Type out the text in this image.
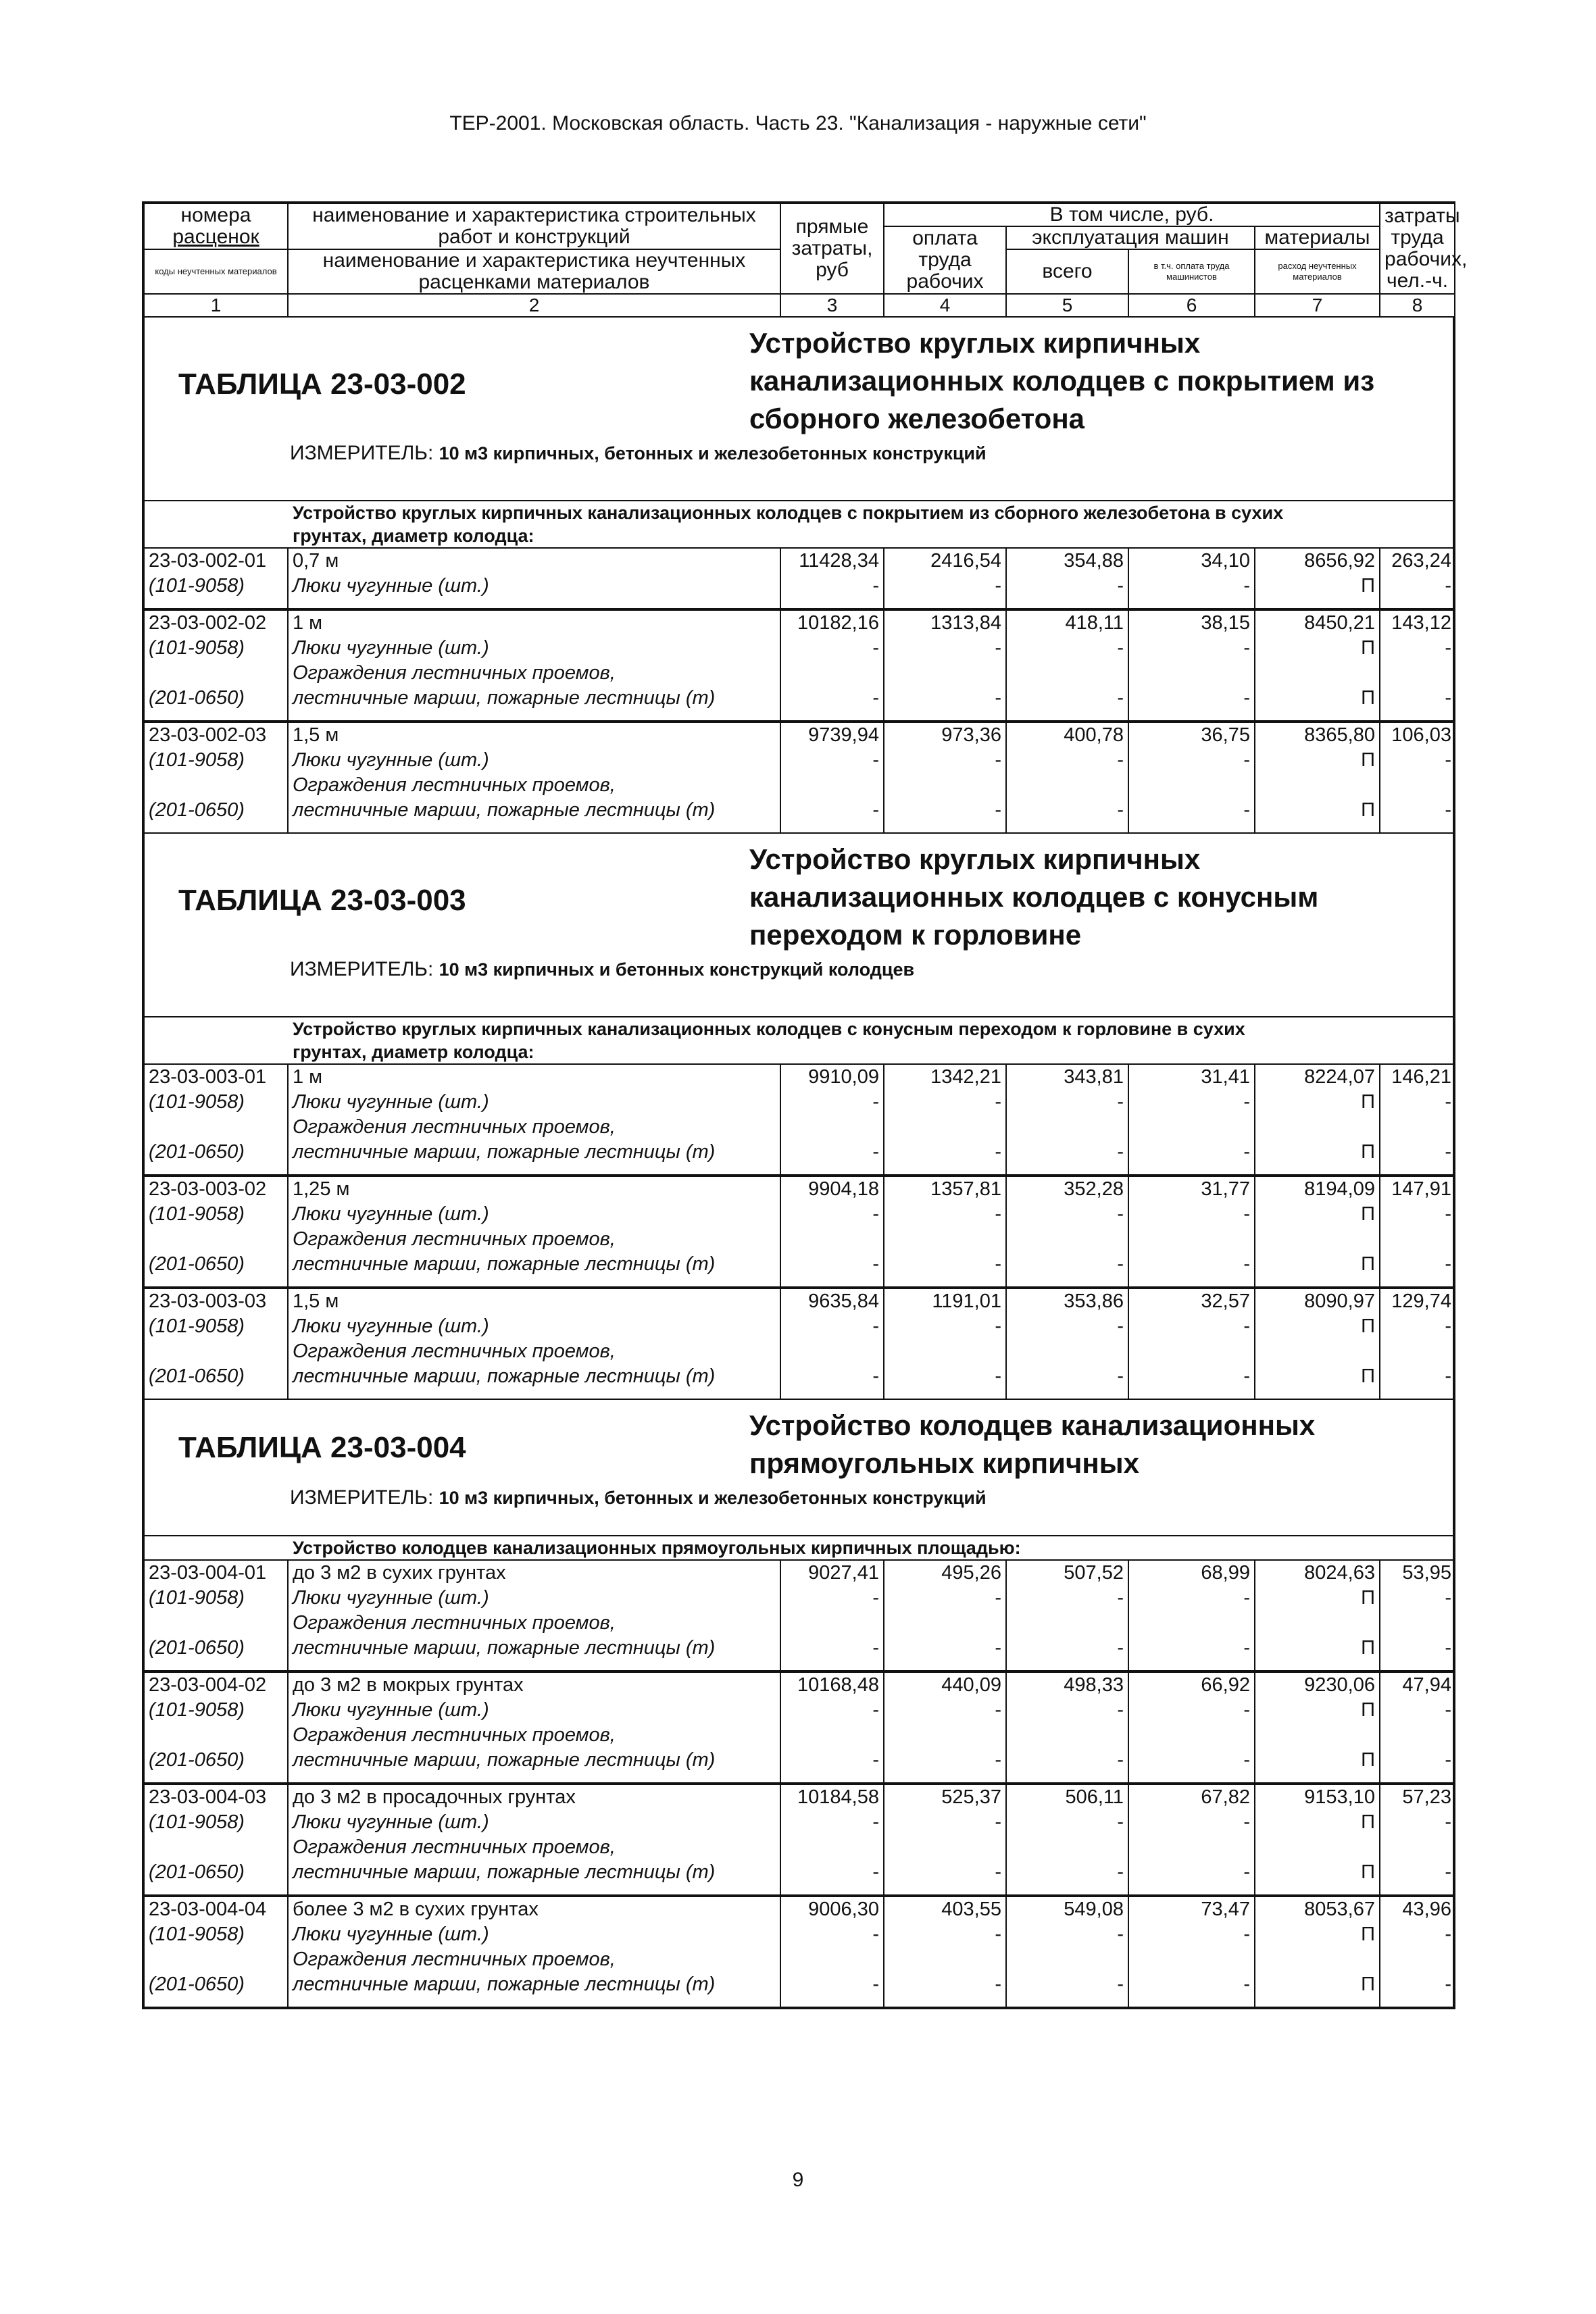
ТЕР-2001. Московская область. Часть 23. "Канализация - наружные сети"
номера
расценок	наименование и характеристика строительных работ и конструкций	прямые затраты, руб	В том числе, руб.				затраты труда рабочих, чел.-ч.
			оплата труда рабочих	эксплуатация машин		материалы	
коды неучтенных материалов	наименование и характеристика неучтенных расценками материалов			всего	в т.ч. оплата труда машинистов	расход неучтенных материалов	

1	2	3	4	5	6	7	8
ТАБЛИЦА 23-03-002
Устройство круглых кирпичных
канализационных колодцев с покрытием из
сборного железобетона
ИЗМЕРИТЕЛЬ: 10 м3 кирпичных, бетонных и железобетонных конструкций
Устройство круглых кирпичных канализационных колодцев с покрытием из сборного железобетона в сухих
грунтах, диаметр колодца:
23-03-002-01	0,7 м	11428,34	2416,54	354,88	34,10	8656,92 263,24
(101-9058)	Люки чугунные (шт.)	-	-	-	-	П	-
23-03-002-02	1 м	10182,16	1313,84	418,11	38,15	8450,21 143,12
(101-9058)	Люки чугунные (шт.)	-	-	-	-	П	-
(201-0650)
Ограждения лестничных проемов,
лестничные марши, пожарные лестницы (т)	-	-	-	-	П	-
23-03-002-03	1,5 м	9739,94	973,36	400,78	36,75	8365,80 106,03
(101-9058)	Люки чугунные (шт.)	-	-	-	-	П	-
(201-0650)
Ограждения лестничных проемов,
лестничные марши, пожарные лестницы (т)	-	-	-	-	П	-
ТАБЛИЦА 23-03-003
Устройство круглых кирпичных
канализационных колодцев с конусным
переходом к горловине
ИЗМЕРИТЕЛЬ: 10 м3 кирпичных и бетонных конструкций колодцев
Устройство круглых кирпичных канализационных колодцев с конусным переходом к горловине в сухих
грунтах, диаметр колодца:
23-03-003-01	1 м	9910,09	1342,21	343,81	31,41	8224,07 146,21
(101-9058)	Люки чугунные (шт.)	-	-	-	-	П	-
(201-0650)
Ограждения лестничных проемов,
лестничные марши, пожарные лестницы (т)	-	-	-	-	П	-
23-03-003-02	1,25 м	9904,18	1357,81	352,28	31,77	8194,09 147,91
(101-9058)	Люки чугунные (шт.)	-	-	-	-	П	-
(201-0650)
Ограждения лестничных проемов,
лестничные марши, пожарные лестницы (т)	-	-	-	-	П	-
23-03-003-03	1,5 м	9635,84	1191,01	353,86	32,57	8090,97 129,74
(101-9058)	Люки чугунные (шт.)	-	-	-	-	П	-
(201-0650)
Ограждения лестничных проемов,
лестничные марши, пожарные лестницы (т)	-	-	-	-	П	-
ТАБЛИЦА 23-03-004
Устройство колодцев канализационных
прямоугольных кирпичных
ИЗМЕРИТЕЛЬ: 10 м3 кирпичных, бетонных и железобетонных конструкций
Устройство колодцев канализационных прямоугольных кирпичных площадью:
23-03-004-01	до 3 м2 в сухих грунтах	9027,41	495,26	507,52	68,99	8024,63	53,95
(101-9058)	Люки чугунные (шт.)	-	-	-	-	П	-
(201-0650)
Ограждения лестничных проемов,
лестничные марши, пожарные лестницы (т)	-	-	-	-	П	-
23-03-004-02	до 3 м2 в мокрых грунтах	10168,48	440,09	498,33	66,92	9230,06	47,94
(101-9058)	Люки чугунные (шт.)	-	-	-	-	П	-
(201-0650)
Ограждения лестничных проемов,
лестничные марши, пожарные лестницы (т)	-	-	-	-	П	-
23-03-004-03	до 3 м2 в просадочных грунтах	10184,58	525,37	506,11	67,82	9153,10	57,23
(101-9058)	Люки чугунные (шт.)	-	-	-	-	П	-
(201-0650)
Ограждения лестничных проемов,
лестничные марши, пожарные лестницы (т)	-	-	-	-	П	-
23-03-004-04	более 3 м2 в сухих грунтах	9006,30	403,55	549,08	73,47	8053,67	43,96
(101-9058)	Люки чугунные (шт.)	-	-	-	-	П	-
(201-0650)
Ограждения лестничных проемов,
лестничные марши, пожарные лестницы (т)	-	-	-	-	П	-
9
